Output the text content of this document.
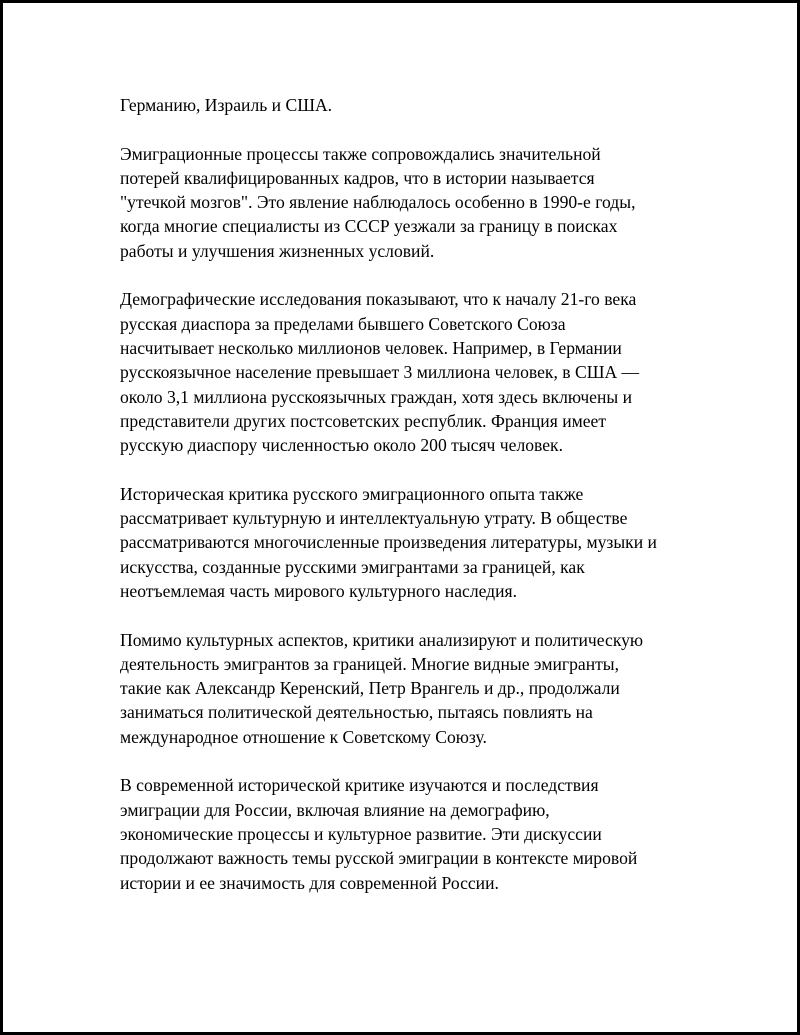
Германию, Израиль и США.

Эмиграционные процессы также сопровождались значительной
потерей квалифицированных кадров, что в истории называется
"утечкой мозгов". Это явление наблюдалось особенно в 1990-е годы,
когда многие специалисты из СССР уезжали за границу в поисках
работы и улучшения жизненных условий.

Демографические исследования показывают, что к началу 21-го века
русская диаспора за пределами бывшего Советского Союза
насчитывает несколько миллионов человек. Например, в Германии
русскоязычное население превышает 3 миллиона человек, в США —
около 3,1 миллиона русскоязычных граждан, хотя здесь включены и
представители других постсоветских республик. Франция имеет
русскую диаспору численностью около 200 тысяч человек.

Историческая критика русского эмиграционного опыта также
рассматривает культурную и интеллектуальную утрату. В обществе
рассматриваются многочисленные произведения литературы, музыки и
искусства, созданные русскими эмигрантами за границей, как
неотъемлемая часть мирового культурного наследия.

Помимо культурных аспектов, критики анализируют и политическую
деятельность эмигрантов за границей. Многие видные эмигранты,
такие как Александр Керенский, Петр Врангель и др., продолжали
заниматься политической деятельностью, пытаясь повлиять на
международное отношение к Советскому Союзу.

В современной исторической критике изучаются и последствия
эмиграции для России, включая влияние на демографию,
экономические процессы и культурное развитие. Эти дискуссии
продолжают важность темы русской эмиграции в контексте мировой
истории и ее значимость для современной России.
